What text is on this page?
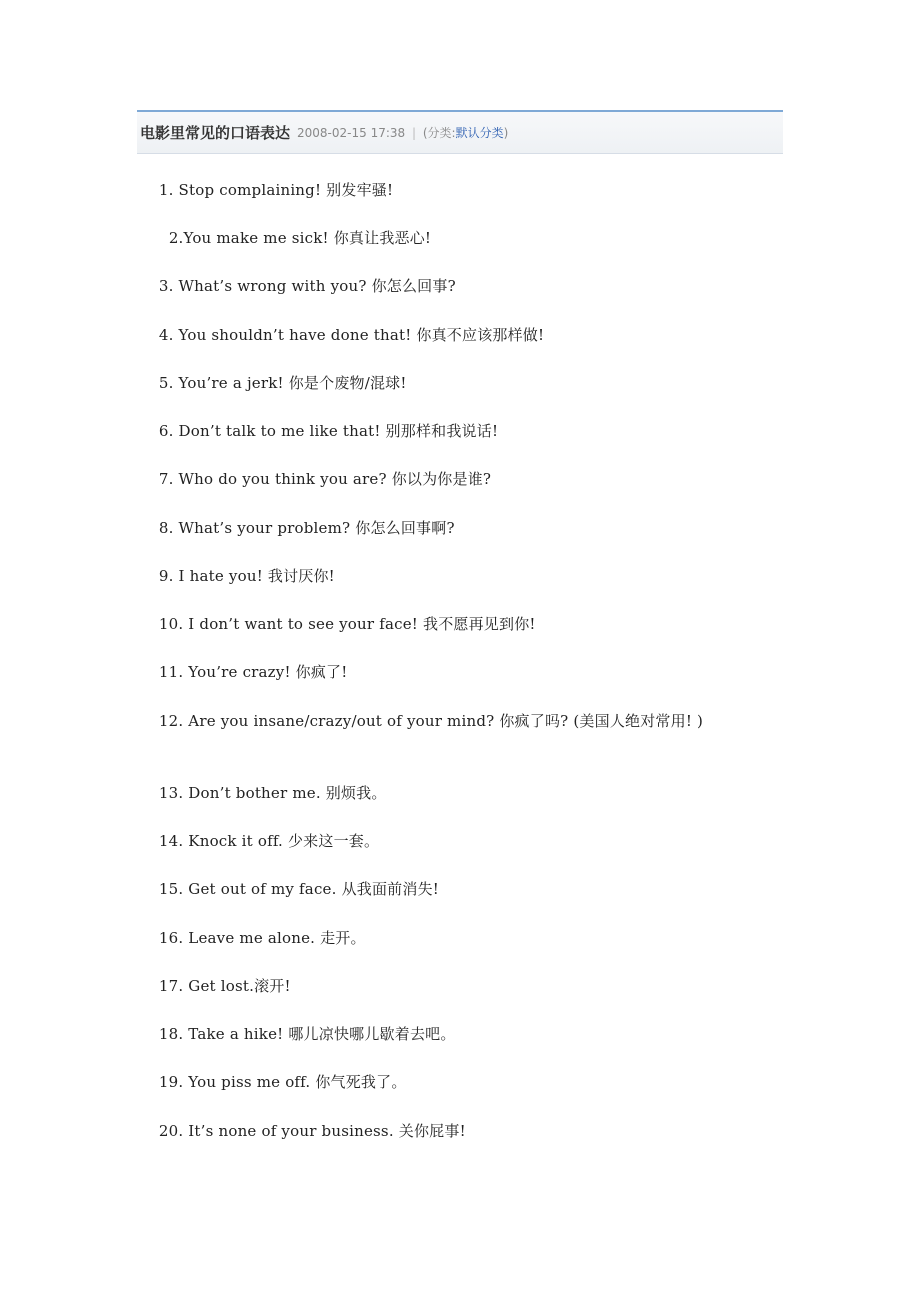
电影里常见的口语表达 2008-02-15 17:38 | (分类:默认分类)
1. Stop complaining! 别发牢骚!
2.You make me sick! 你真让我恶心!
3. What’s wrong with you? 你怎么回事?
4. You shouldn’t have done that! 你真不应该那样做!
5. You’re a jerk! 你是个废物/混球!
6. Don’t talk to me like that! 别那样和我说话!
7. Who do you think you are? 你以为你是谁?
8. What’s your problem? 你怎么回事啊?
9. I hate you! 我讨厌你!
10. I don’t want to see your face! 我不愿再见到你!
11. You’re crazy! 你疯了!
12. Are you insane/crazy/out of your mind? 你疯了吗? (美国人绝对常用! )
13. Don’t bother me. 别烦我。
14. Knock it off. 少来这一套。
15. Get out of my face. 从我面前消失!
16. Leave me alone. 走开。
17. Get lost.滚开!
18. Take a hike! 哪儿凉快哪儿歇着去吧。
19. You piss me off. 你气死我了。
20. It’s none of your business. 关你屁事!
